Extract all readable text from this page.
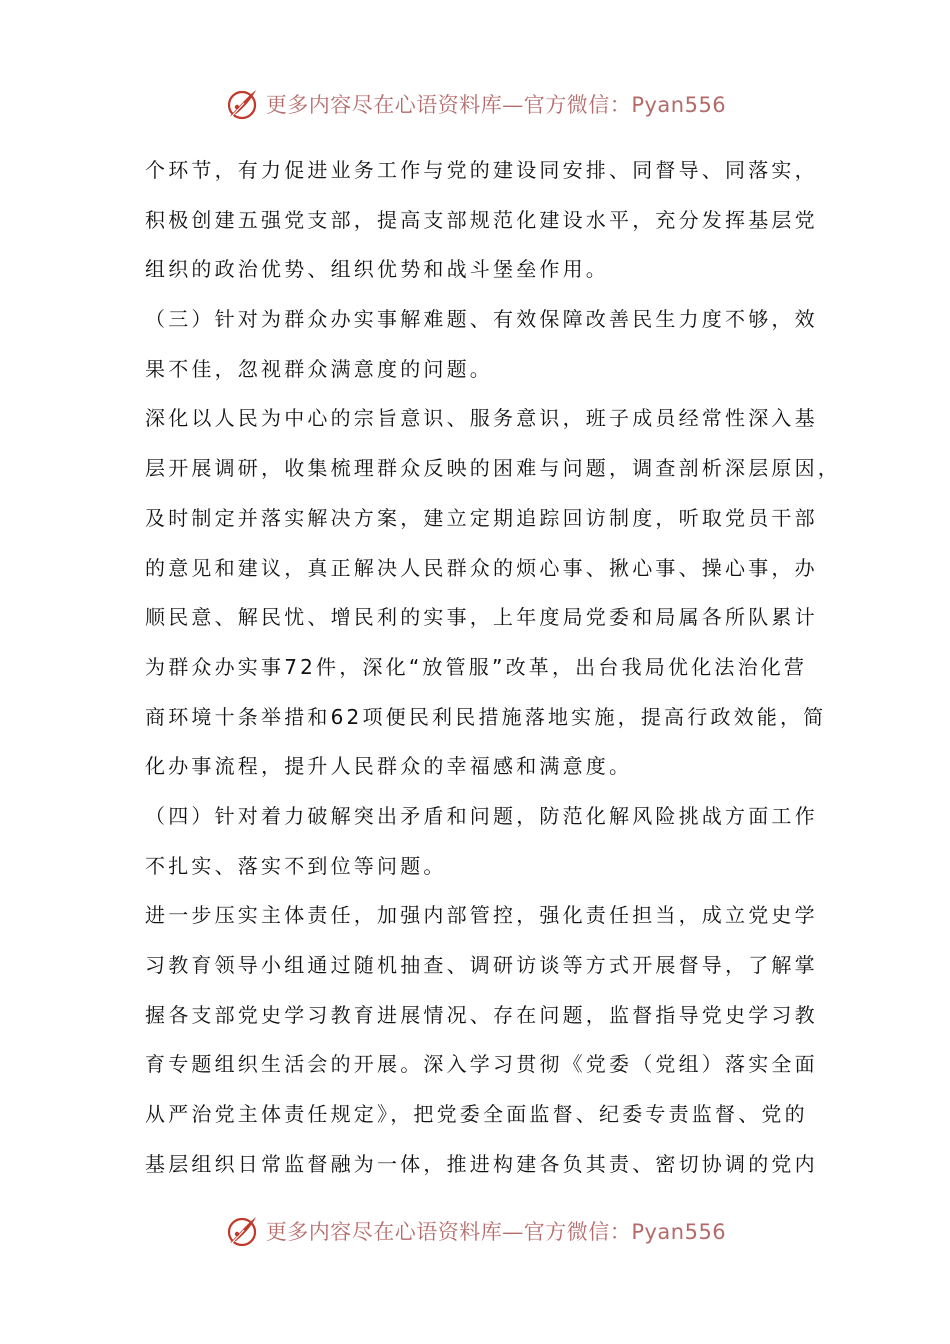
更多内容尽在心语资料库—官方微信：Pyan556
个环节，有力促进业务工作与党的建设同安排、同督导、同落实，
积极创建五强党支部，提高支部规范化建设水平，充分发挥基层党
组织的政治优势、组织优势和战斗堡垒作用。
（三）针对为群众办实事解难题、有效保障改善民生力度不够，效
果不佳，忽视群众满意度的问题。
深化以人民为中心的宗旨意识、服务意识，班子成员经常性深入基
层开展调研，收集梳理群众反映的困难与问题，调查剖析深层原因，
及时制定并落实解决方案，建立定期追踪回访制度，听取党员干部
的意见和建议，真正解决人民群众的烦心事、揪心事、操心事，办
顺民意、解民忧、增民利的实事，上年度局党委和局属各所队累计
为群众办实事72件，深化“放管服”改革，出台我局优化法治化营
商环境十条举措和62项便民利民措施落地实施，提高行政效能，简
化办事流程，提升人民群众的幸福感和满意度。
（四）针对着力破解突出矛盾和问题，防范化解风险挑战方面工作
不扎实、落实不到位等问题。
进一步压实主体责任，加强内部管控，强化责任担当，成立党史学
习教育领导小组通过随机抽查、调研访谈等方式开展督导，了解掌
握各支部党史学习教育进展情况、存在问题，监督指导党史学习教
育专题组织生活会的开展。深入学习贯彻《党委（党组）落实全面
从严治党主体责任规定》，把党委全面监督、纪委专责监督、党的
基层组织日常监督融为一体，推进构建各负其责、密切协调的党内
更多内容尽在心语资料库—官方微信：Pyan556
